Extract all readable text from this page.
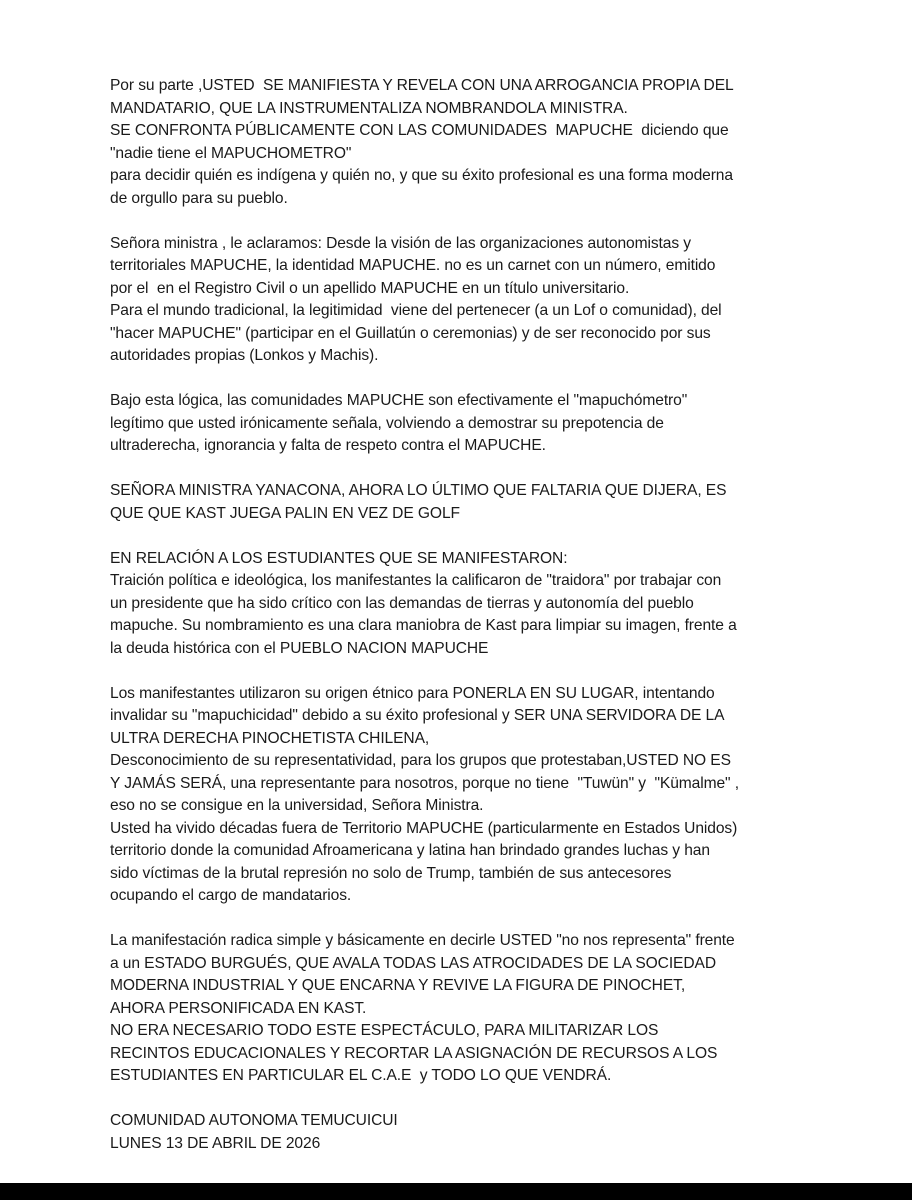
Por su parte ,USTED  SE MANIFIESTA Y REVELA CON UNA ARROGANCIA PROPIA DEL
MANDATARIO, QUE LA INSTRUMENTALIZA NOMBRANDOLA MINISTRA.
SE CONFRONTA PÚBLICAMENTE CON LAS COMUNIDADES  MAPUCHE  diciendo que
"nadie tiene el MAPUCHOMETRO"
para decidir quién es indígena y quién no, y que su éxito profesional es una forma moderna
de orgullo para su pueblo.
Señora ministra , le aclaramos: Desde la visión de las organizaciones autonomistas y
territoriales MAPUCHE, la identidad MAPUCHE. no es un carnet con un número, emitido
por el  en el Registro Civil o un apellido MAPUCHE en un título universitario.
Para el mundo tradicional, la legitimidad  viene del pertenecer (a un Lof o comunidad), del
"hacer MAPUCHE" (participar en el Guillatún o ceremonias) y de ser reconocido por sus
autoridades propias (Lonkos y Machis).
Bajo esta lógica, las comunidades MAPUCHE son efectivamente el "mapuchómetro"
legítimo que usted irónicamente señala, volviendo a demostrar su prepotencia de
ultraderecha, ignorancia y falta de respeto contra el MAPUCHE.
SEÑORA MINISTRA YANACONA, AHORA LO ÚLTIMO QUE FALTARIA QUE DIJERA, ES
QUE QUE KAST JUEGA PALIN EN VEZ DE GOLF
EN RELACIÓN A LOS ESTUDIANTES QUE SE MANIFESTARON:
Traición política e ideológica, los manifestantes la calificaron de "traidora" por trabajar con
un presidente que ha sido crítico con las demandas de tierras y autonomía del pueblo
mapuche. Su nombramiento es una clara maniobra de Kast para limpiar su imagen, frente a
la deuda histórica con el PUEBLO NACION MAPUCHE
Los manifestantes utilizaron su origen étnico para PONERLA EN SU LUGAR, intentando
invalidar su "mapuchicidad" debido a su éxito profesional y SER UNA SERVIDORA DE LA
ULTRA DERECHA PINOCHETISTA CHILENA,
Desconocimiento de su representatividad, para los grupos que protestaban,USTED NO ES
Y JAMÁS SERÁ, una representante para nosotros, porque no tiene  "Tuwün" y  "Kümalme" ,
eso no se consigue en la universidad, Señora Ministra.
Usted ha vivido décadas fuera de Territorio MAPUCHE (particularmente en Estados Unidos)
territorio donde la comunidad Afroamericana y latina han brindado grandes luchas y han
sido víctimas de la brutal represión no solo de Trump, también de sus antecesores
ocupando el cargo de mandatarios.
La manifestación radica simple y básicamente en decirle USTED "no nos representa" frente
a un ESTADO BURGUÉS, QUE AVALA TODAS LAS ATROCIDADES DE LA SOCIEDAD
MODERNA INDUSTRIAL Y QUE ENCARNA Y REVIVE LA FIGURA DE PINOCHET,
AHORA PERSONIFICADA EN KAST.
NO ERA NECESARIO TODO ESTE ESPECTÁCULO, PARA MILITARIZAR LOS
RECINTOS EDUCACIONALES Y RECORTAR LA ASIGNACIÓN DE RECURSOS A LOS
ESTUDIANTES EN PARTICULAR EL C.A.E  y TODO LO QUE VENDRÁ.
COMUNIDAD AUTONOMA TEMUCUICUI
LUNES 13 DE ABRIL DE 2026
